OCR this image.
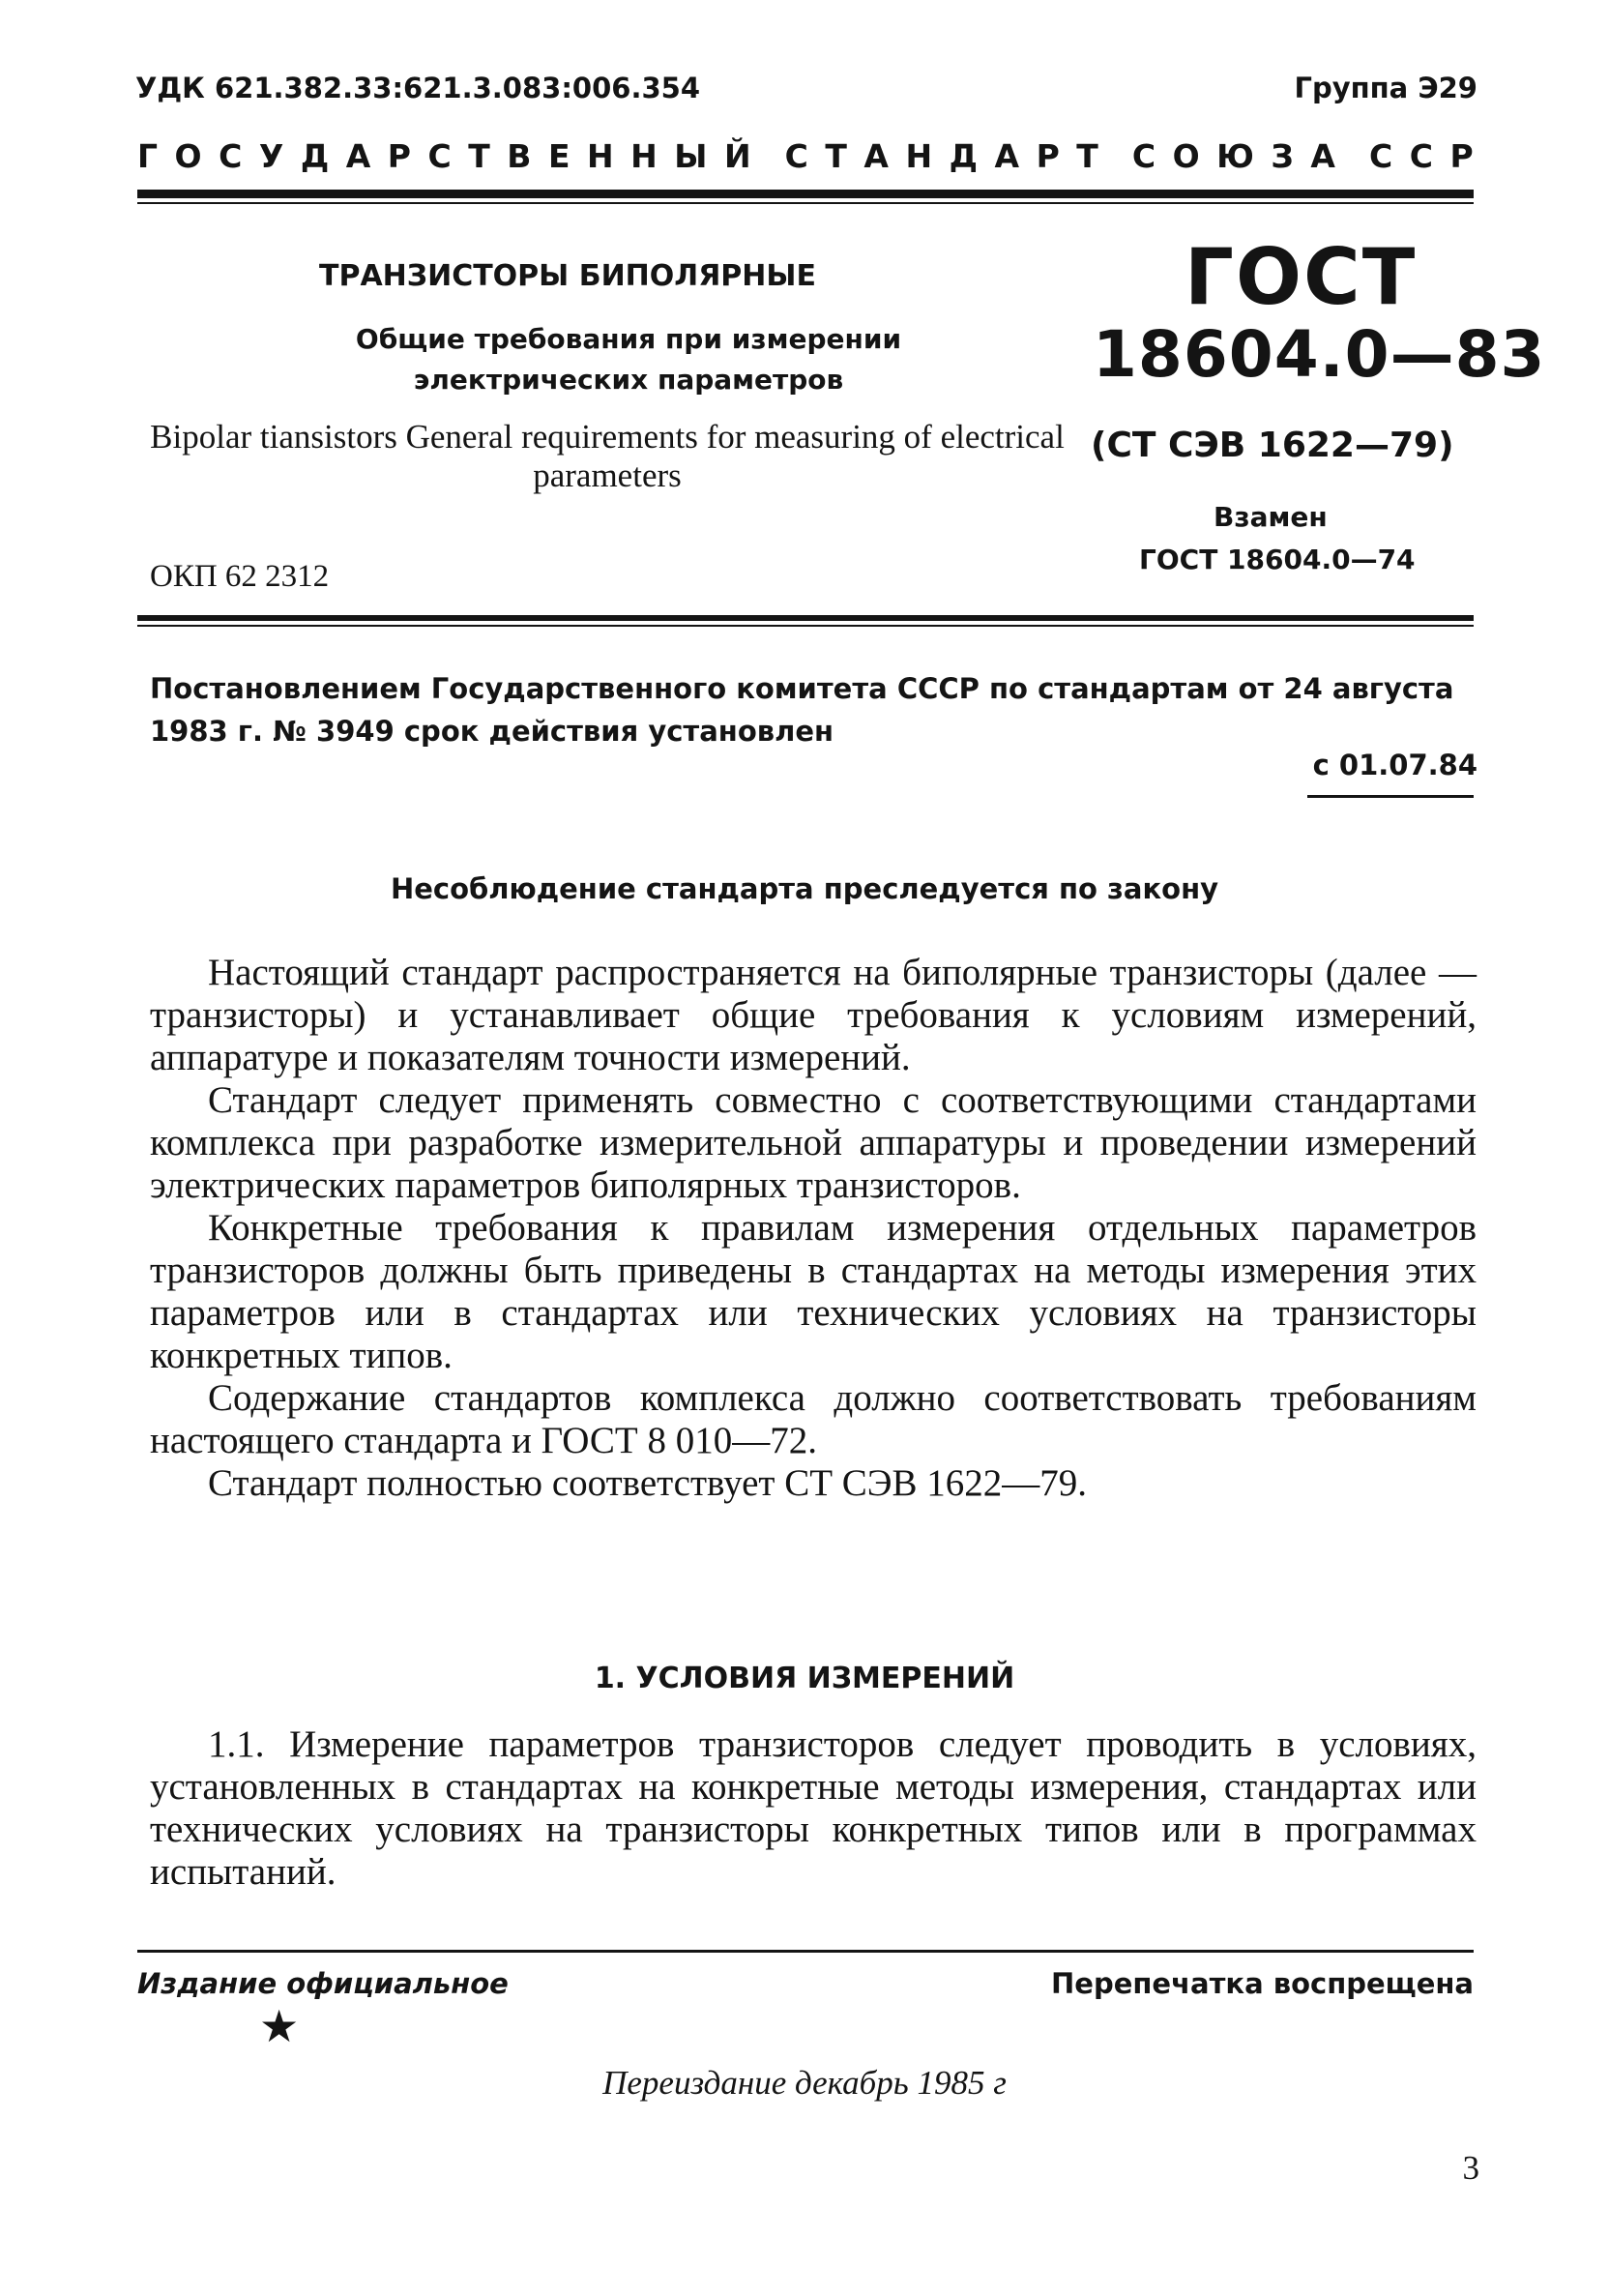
УДК 621.382.33:621.3.083:006.354	Группа Э29
Г О С У Д А Р С Т В Е Н Н Ы Й С Т А Н Д А Р Т С О Ю З А С С Р
ТРАНЗИСТОРЫ БИПОЛЯРНЫЕ
Общие требования при измерении электрических параметров
Bipolar tiansistors General requirements for measuring of electrical parameters
ОКП 62 2312
ГОСТ
18604.0—83
(СТ СЭВ 1622—79)
Взамен
ГОСТ 18604.0—74
Постановлением Государственного комитета СССР по стандартам от 24 августа 1983 г. № 3949 срок действия установлен
с 01.07.84
Несоблюдение стандарта преследуется по закону

Настоящий стандарт распространяется на биполярные транзисторы (далее — транзисторы) и устанавливает общие требования к условиям измерений, аппаратуре и показателям точности измерений.

Стандарт следует применять совместно с соответствующими стандартами комплекса при разработке измерительной аппаратуры и проведении измерений электрических параметров биполярных транзисторов.

Конкретные требования к правилам измерения отдельных параметров транзисторов должны быть приведены в стандартах на методы измерения этих параметров или в стандартах или технических условиях на транзисторы конкретных типов.

Содержание стандартов комплекса должно соответствовать требованиям настоящего стандарта и ГОСТ 8 010—72.

Стандарт полностью соответствует СТ СЭВ 1622—79.

1. УСЛОВИЯ ИЗМЕРЕНИЙ

1.1. Измерение параметров транзисторов следует проводить в условиях, установленных в стандартах на конкретные методы измерения, стандартах или технических условиях на транзисторы конкретных типов или в программах испытаний.

Издание официальное	Перепечатка воспрещена
★
Переиздание декабрь 1985 г
3
